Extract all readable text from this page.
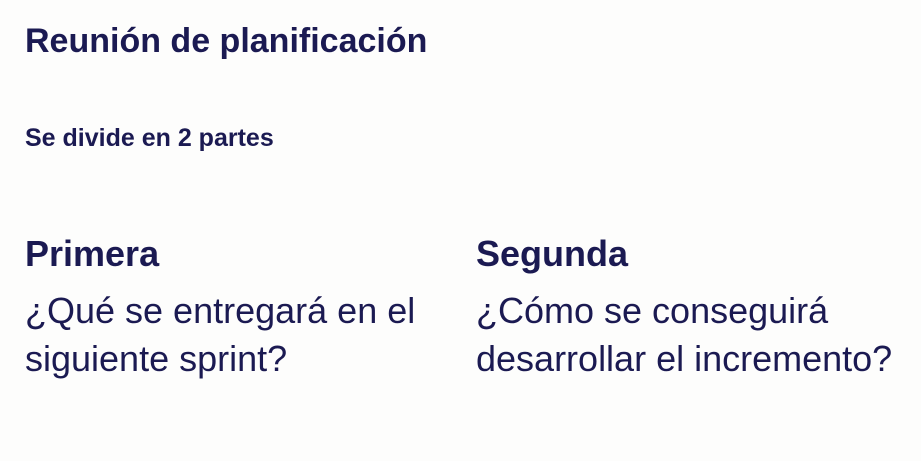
Reunión de planificación
Se divide en 2 partes
Primera

¿Qué se entregará en el siguiente sprint?

Segunda

¿Cómo se conseguirá desarrollar el incremento?
